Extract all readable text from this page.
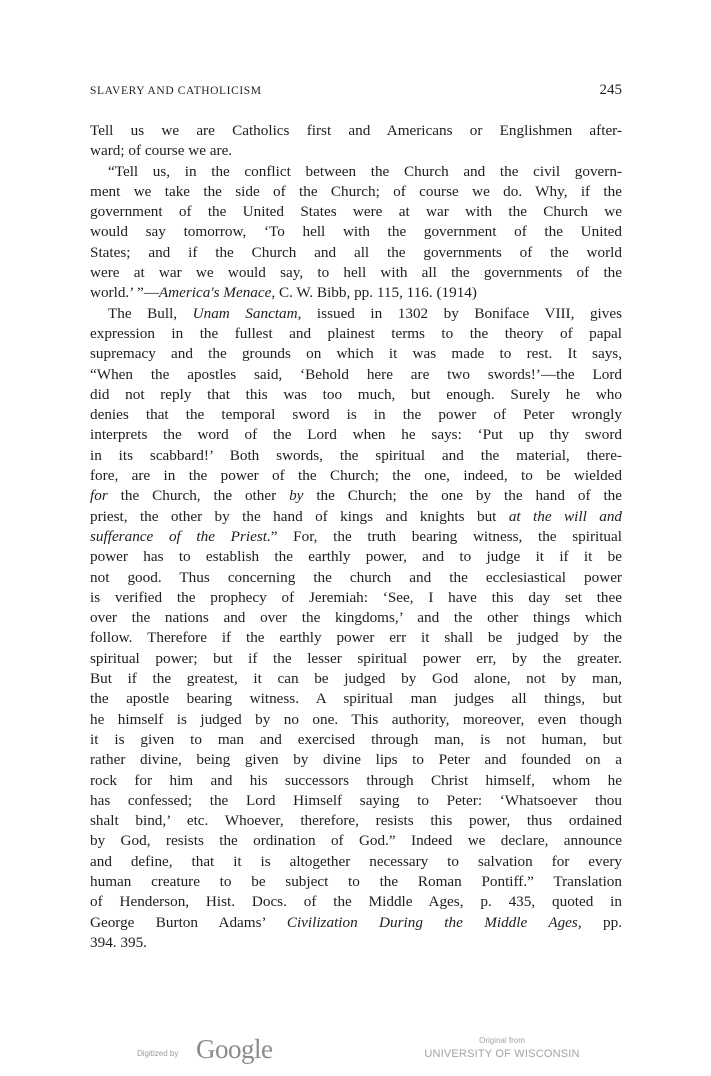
SLAVERY AND CATHOLICISM	245
Tell us we are Catholics first and Americans or Englishmen after-
ward; of course we are.
“Tell us, in the conflict between the Church and the civil govern-
ment we take the side of the Church; of course we do. Why, if the
government of the United States were at war with the Church we
would say tomorrow, ‘To hell with the government of the United
States; and if the Church and all the governments of the world
were at war we would say, to hell with all the governments of the
world.’ ”—America's Menace, C. W. Bibb, pp. 115, 116. (1914)
The Bull, Unam Sanctam, issued in 1302 by Boniface VIII, gives
expression in the fullest and plainest terms to the theory of papal
supremacy and the grounds on which it was made to rest. It says,
“When the apostles said, ‘Behold here are two swords!’—the Lord
did not reply that this was too much, but enough. Surely he who
denies that the temporal sword is in the power of Peter wrongly
interprets the word of the Lord when he says: ‘Put up thy sword
in its scabbard!’ Both swords, the spiritual and the material, there-
fore, are in the power of the Church; the one, indeed, to be wielded
for the Church, the other by the Church; the one by the hand of the
priest, the other by the hand of kings and knights but at the will and
sufferance of the Priest.” For, the truth bearing witness, the spiritual
power has to establish the earthly power, and to judge it if it be
not good. Thus concerning the church and the ecclesiastical power
is verified the prophecy of Jeremiah: ‘See, I have this day set thee
over the nations and over the kingdoms,’ and the other things which
follow. Therefore if the earthly power err it shall be judged by the
spiritual power; but if the lesser spiritual power err, by the greater.
But if the greatest, it can be judged by God alone, not by man,
the apostle bearing witness. A spiritual man judges all things, but
he himself is judged by no one. This authority, moreover, even though
it is given to man and exercised through man, is not human, but
rather divine, being given by divine lips to Peter and founded on a
rock for him and his successors through Christ himself, whom he
has confessed; the Lord Himself saying to Peter: ‘Whatsoever thou
shalt bind,’ etc. Whoever, therefore, resists this power, thus ordained
by God, resists the ordination of God.” Indeed we declare, announce
and define, that it is altogether necessary to salvation for every
human creature to be subject to the Roman Pontiff.” Translation
of Henderson, Hist. Docs. of the Middle Ages, p. 435, quoted in
George Burton Adams’ Civilization During the Middle Ages, pp.
394. 395.
Digitized by Google	Original from
UNIVERSITY OF WISCONSIN
